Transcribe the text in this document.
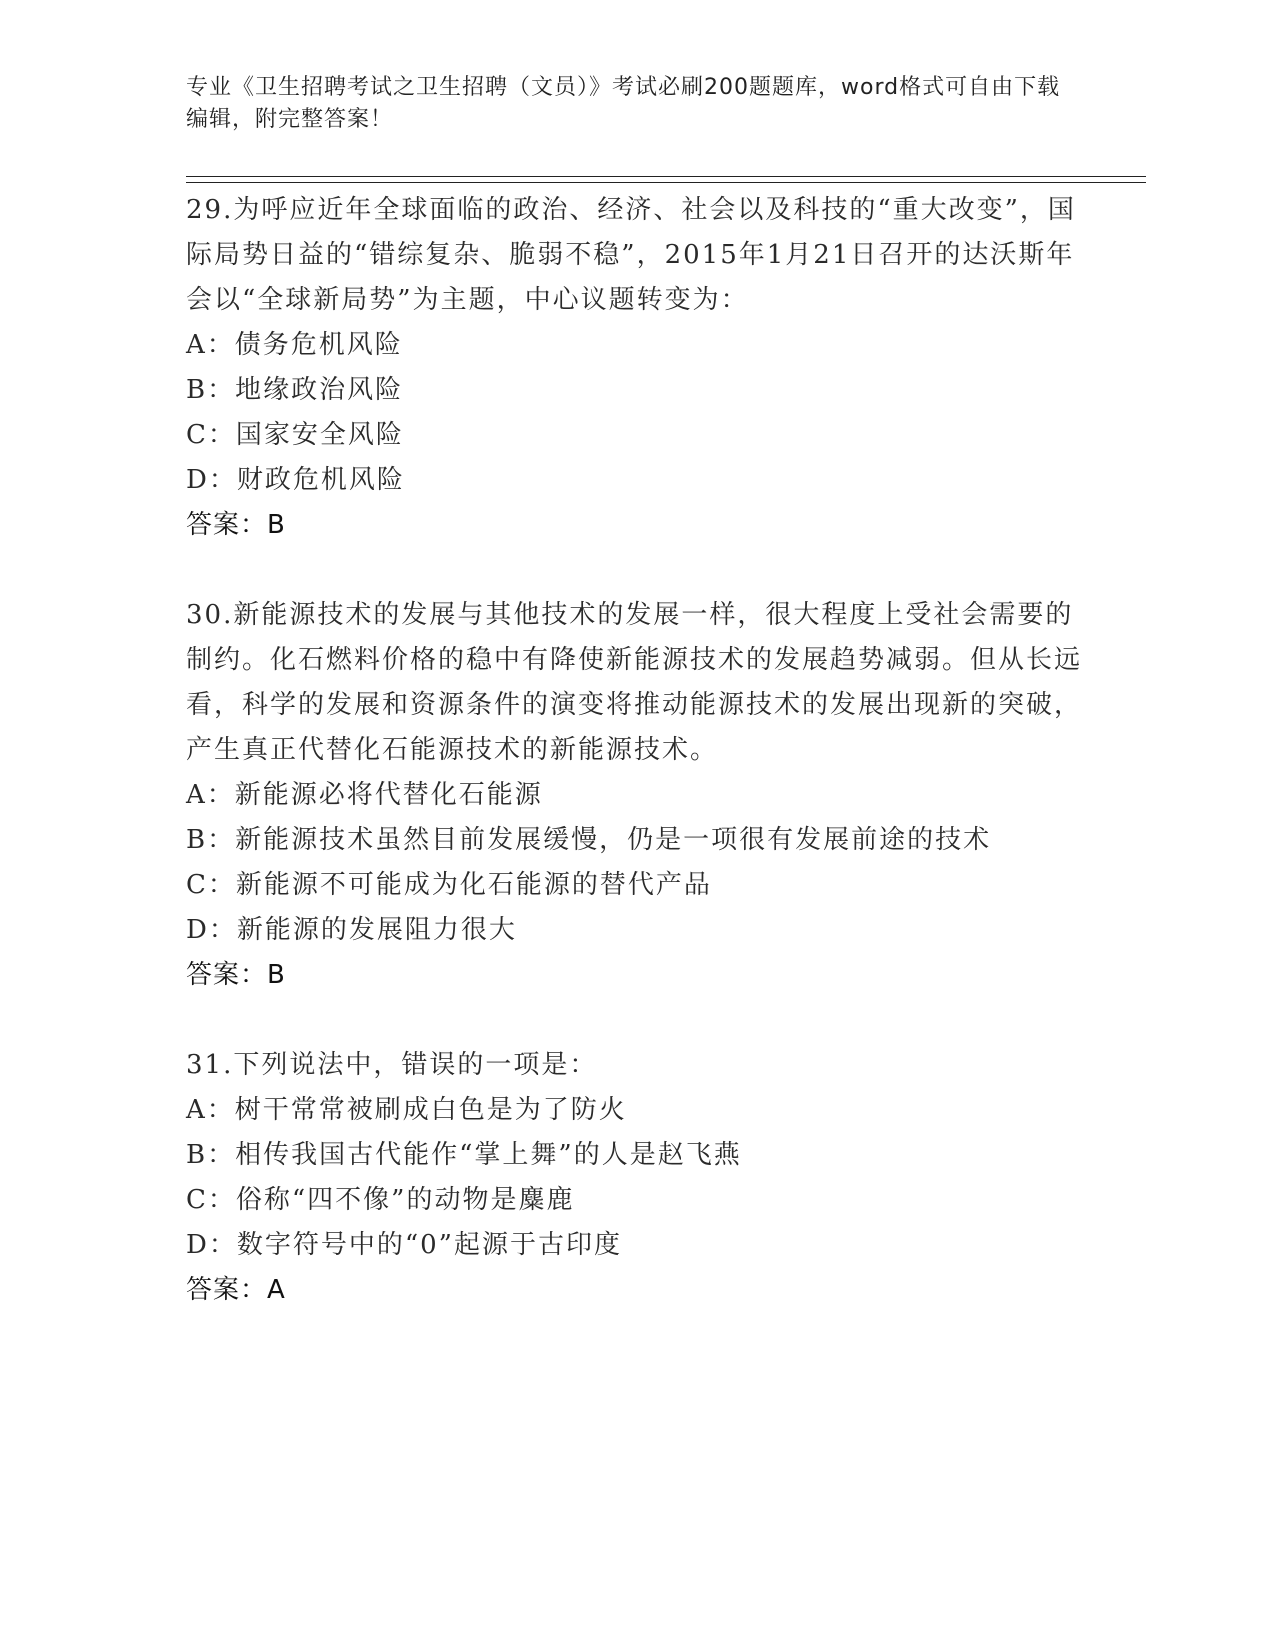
专业《卫生招聘考试之卫生招聘（文员）》考试必刷200题题库，word格式可自由下载编辑，附完整答案！

29.为呼应近年全球面临的政治、经济、社会以及科技的“重大改变”，国际局势日益的“错综复杂、脆弱不稳”，2015年1月21日召开的达沃斯年会以“全球新局势”为主题，中心议题转变为：

A：债务危机风险

B：地缘政治风险

C：国家安全风险

D：财政危机风险

答案：B

30.新能源技术的发展与其他技术的发展一样，很大程度上受社会需要的制约。化石燃料价格的稳中有降使新能源技术的发展趋势减弱。但从长远看，科学的发展和资源条件的演变将推动能源技术的发展出现新的突破，产生真正代替化石能源技术的新能源技术。

A：新能源必将代替化石能源

B：新能源技术虽然目前发展缓慢，仍是一项很有发展前途的技术

C：新能源不可能成为化石能源的替代产品

D：新能源的发展阻力很大

答案：B

31.下列说法中，错误的一项是：

A：树干常常被刷成白色是为了防火

B：相传我国古代能作“掌上舞”的人是赵飞燕

C：俗称“四不像”的动物是麋鹿

D：数字符号中的“0”起源于古印度

答案：A
